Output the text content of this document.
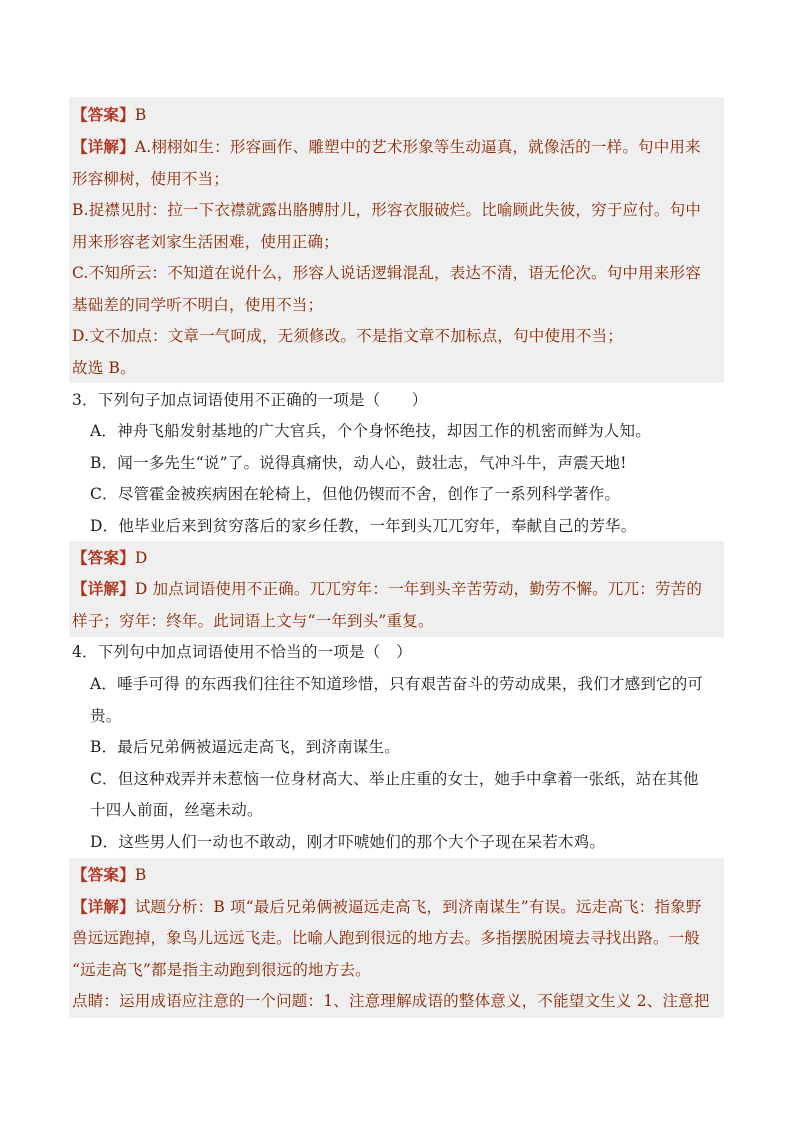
【答案】B
【详解】A.栩栩如生：形容画作、雕塑中的艺术形象等生动逼真，就像活的一样。句中用来
形容柳树，使用不当；
B.捉襟见肘：拉一下衣襟就露出胳膊肘儿，形容衣服破烂。比喻顾此失彼，穷于应付。句中
用来形容老刘家生活困难，使用正确；
C.不知所云：不知道在说什么，形容人说话逻辑混乱，表达不清，语无伦次。句中用来形容
基础差的同学听不明白，使用不当；
D.文不加点：文章一气呵成，无须修改。不是指文章不加标点，句中使用不当；
故选 B。
3．下列句子加点词语使用不正确的一项是（　　）
A．神舟飞船发射基地的广大官兵，个个身怀绝技，却因工作的机密而鲜为人知。
B．闻一多先生“说”了。说得真痛快，动人心，鼓壮志，气冲斗牛，声震天地!
C．尽管霍金被疾病困在轮椅上，但他仍锲而不舍，创作了一系列科学著作。
D．他毕业后来到贫穷落后的家乡任教，一年到头兀兀穷年，奉献自己的芳华。
【答案】D
【详解】D 加点词语使用不正确。兀兀穷年：一年到头辛苦劳动，勤劳不懈。兀兀：劳苦的
样子；穷年：终年。此词语上文与“一年到头”重复。
4．下列句中加点词语使用不恰当的一项是（　）
A．唾手可得 的东西我们往往不知道珍惜，只有艰苦奋斗的劳动成果，我们才感到它的可
贵。
B．最后兄弟俩被逼远走高飞，到济南谋生。
C．但这种戏弄并未惹恼一位身材高大、举止庄重的女士，她手中拿着一张纸，站在其他
十四人前面，丝毫未动。
D．这些男人们一动也不敢动，刚才吓唬她们的那个大个子现在呆若木鸡。
【答案】B
【详解】试题分析：B 项“最后兄弟俩被逼远走高飞，到济南谋生”有误。远走高飞：指象野
兽远远跑掉，象鸟儿远远飞走。比喻人跑到很远的地方去。多指摆脱困境去寻找出路。一般
“远走高飞”都是指主动跑到很远的地方去。
点睛：运用成语应注意的一个问题：1、注意理解成语的整体意义，不能望文生义 2、注意把
